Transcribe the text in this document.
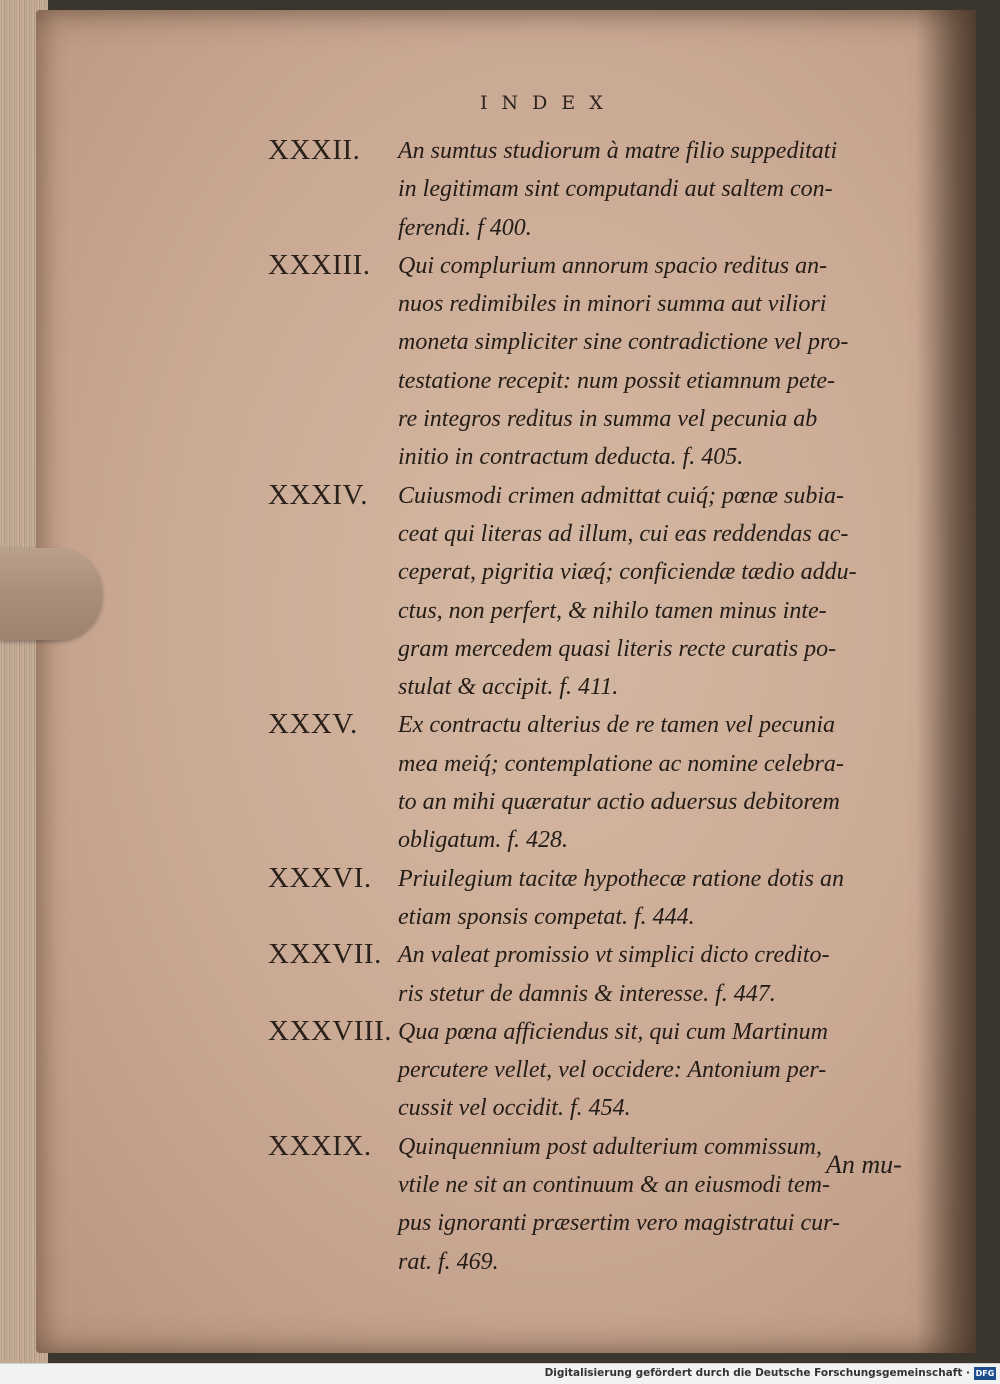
INDEX
XXXII.	An sumtus studiorum à matre filio suppeditati
in legitimam sint computandi aut saltem con-
ferendi. f 400.
XXXIII.	Qui complurium annorum spacio reditus an-
nuos redimibiles in minori summa aut viliori
moneta simpliciter sine contradictione vel pro-
testatione recepit: num possit etiamnum pete-
re integros reditus in summa vel pecunia ab
initio in contractum deducta. f. 405.
XXXIV.	Cuiusmodi crimen admittat cuiq́; pœnæ subia-
ceat qui literas ad illum, cui eas reddendas ac-
ceperat, pigritia viæq́; conficiendæ tædio addu-
ctus, non perfert, & nihilo tamen minus inte-
gram mercedem quasi literis recte curatis po-
stulat & accipit. f. 411.
XXXV.	Ex contractu alterius de re tamen vel pecunia
mea meiq́; contemplatione ac nomine celebra-
to an mihi quæratur actio aduersus debitorem
obligatum. f. 428.
XXXVI.	Priuilegium tacitæ hypothecæ ratione dotis an
etiam sponsis competat. f. 444.
XXXVII. An valeat promissio vt simplici dicto credito-
ris stetur de damnis & interesse. f. 447.
XXXVIII. Qua pœna afficiendus sit, qui cum Martinum
percutere vellet, vel occidere: Antonium per-
cussit vel occidit. f. 454.
XXXIX.	Quinquennium post adulterium commissum,
vtile ne sit an continuum & an eiusmodi tem-
pus ignoranti præsertim vero magistratui cur-
rat. f. 469.
An mu-
Digitalisierung gefördert durch die Deutsche Forschungsgemeinschaft · DFG
